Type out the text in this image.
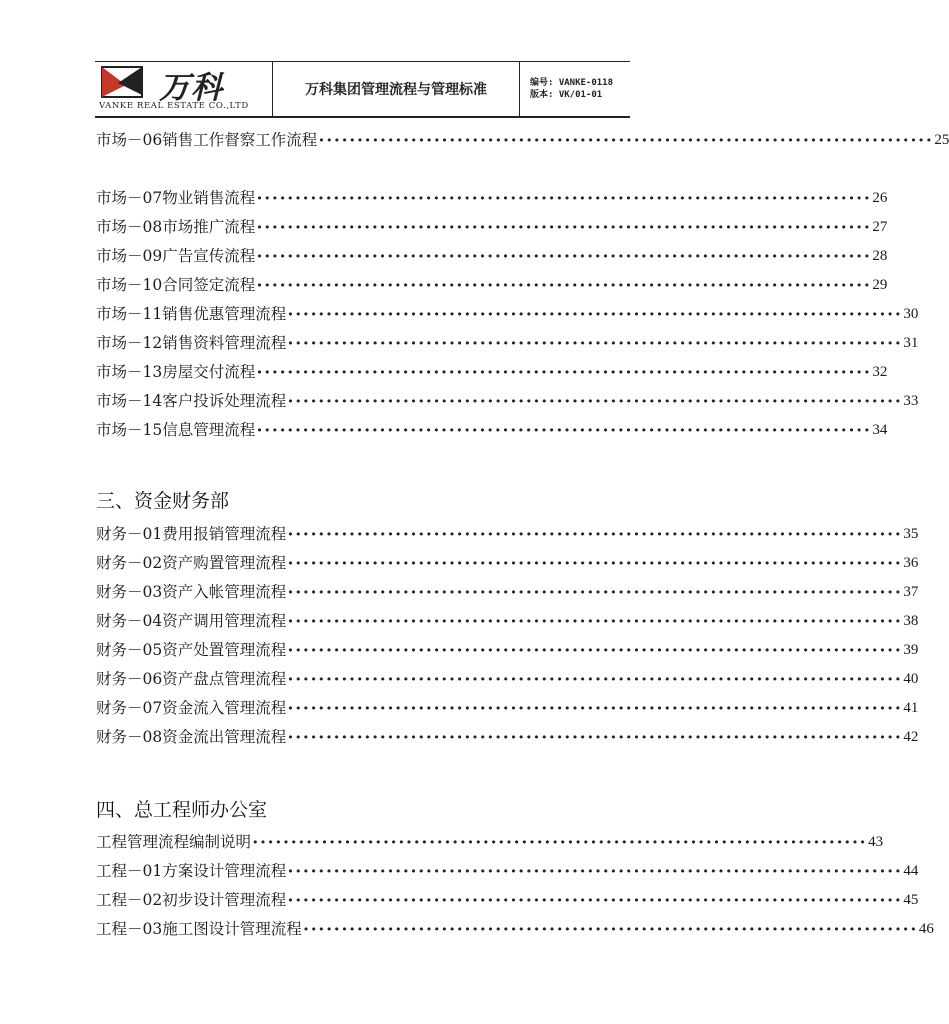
万科
VANKE REAL ESTATE CO.,LTD
万科集团管理流程与管理标准	编号: VANKE-0118
版本: VK/01-01
市场－06 销售工作督察工作流程 •••••••••••••••••••••••••••••••••••••••••••••••••••••••••••••••••••••••••••••••• 25
市场－07 物业销售流程 •••••••••••••••••••••••••••••••••••••••••••••••••••••••••••••••••••••••••••••••• 26
市场－08 市场推广流程 •••••••••••••••••••••••••••••••••••••••••••••••••••••••••••••••••••••••••••••••• 27
市场－09 广告宣传流程 •••••••••••••••••••••••••••••••••••••••••••••••••••••••••••••••••••••••••••••••• 28
市场－10 合同签定流程 •••••••••••••••••••••••••••••••••••••••••••••••••••••••••••••••••••••••••••••••• 29
市场－11 销售优惠管理流程 •••••••••••••••••••••••••••••••••••••••••••••••••••••••••••••••••••••••••••••••• 30
市场－12 销售资料管理流程 •••••••••••••••••••••••••••••••••••••••••••••••••••••••••••••••••••••••••••••••• 31
市场－13 房屋交付流程 •••••••••••••••••••••••••••••••••••••••••••••••••••••••••••••••••••••••••••••••• 32
市场－14 客户投诉处理流程 •••••••••••••••••••••••••••••••••••••••••••••••••••••••••••••••••••••••••••••••• 33
市场－15 信息管理流程 •••••••••••••••••••••••••••••••••••••••••••••••••••••••••••••••••••••••••••••••• 34
三、资金财务部
财务－01 费用报销管理流程 •••••••••••••••••••••••••••••••••••••••••••••••••••••••••••••••••••••••••••••••• 35
财务－02 资产购置管理流程 •••••••••••••••••••••••••••••••••••••••••••••••••••••••••••••••••••••••••••••••• 36
财务－03 资产入帐管理流程 •••••••••••••••••••••••••••••••••••••••••••••••••••••••••••••••••••••••••••••••• 37
财务－04 资产调用管理流程 •••••••••••••••••••••••••••••••••••••••••••••••••••••••••••••••••••••••••••••••• 38
财务－05 资产处置管理流程 •••••••••••••••••••••••••••••••••••••••••••••••••••••••••••••••••••••••••••••••• 39
财务－06 资产盘点管理流程 •••••••••••••••••••••••••••••••••••••••••••••••••••••••••••••••••••••••••••••••• 40
财务－07 资金流入管理流程 •••••••••••••••••••••••••••••••••••••••••••••••••••••••••••••••••••••••••••••••• 41
财务－08 资金流出管理流程 •••••••••••••••••••••••••••••••••••••••••••••••••••••••••••••••••••••••••••••••• 42
四、总工程师办公室
工程管理流程编制说明 •••••••••••••••••••••••••••••••••••••••••••••••••••••••••••••••••••••••••••••••• 43
工程－01 方案设计管理流程 •••••••••••••••••••••••••••••••••••••••••••••••••••••••••••••••••••••••••••••••• 44
工程－02 初步设计管理流程 •••••••••••••••••••••••••••••••••••••••••••••••••••••••••••••••••••••••••••••••• 45
工程－03 施工图设计管理流程 •••••••••••••••••••••••••••••••••••••••••••••••••••••••••••••••••••••••••••••••• 46
